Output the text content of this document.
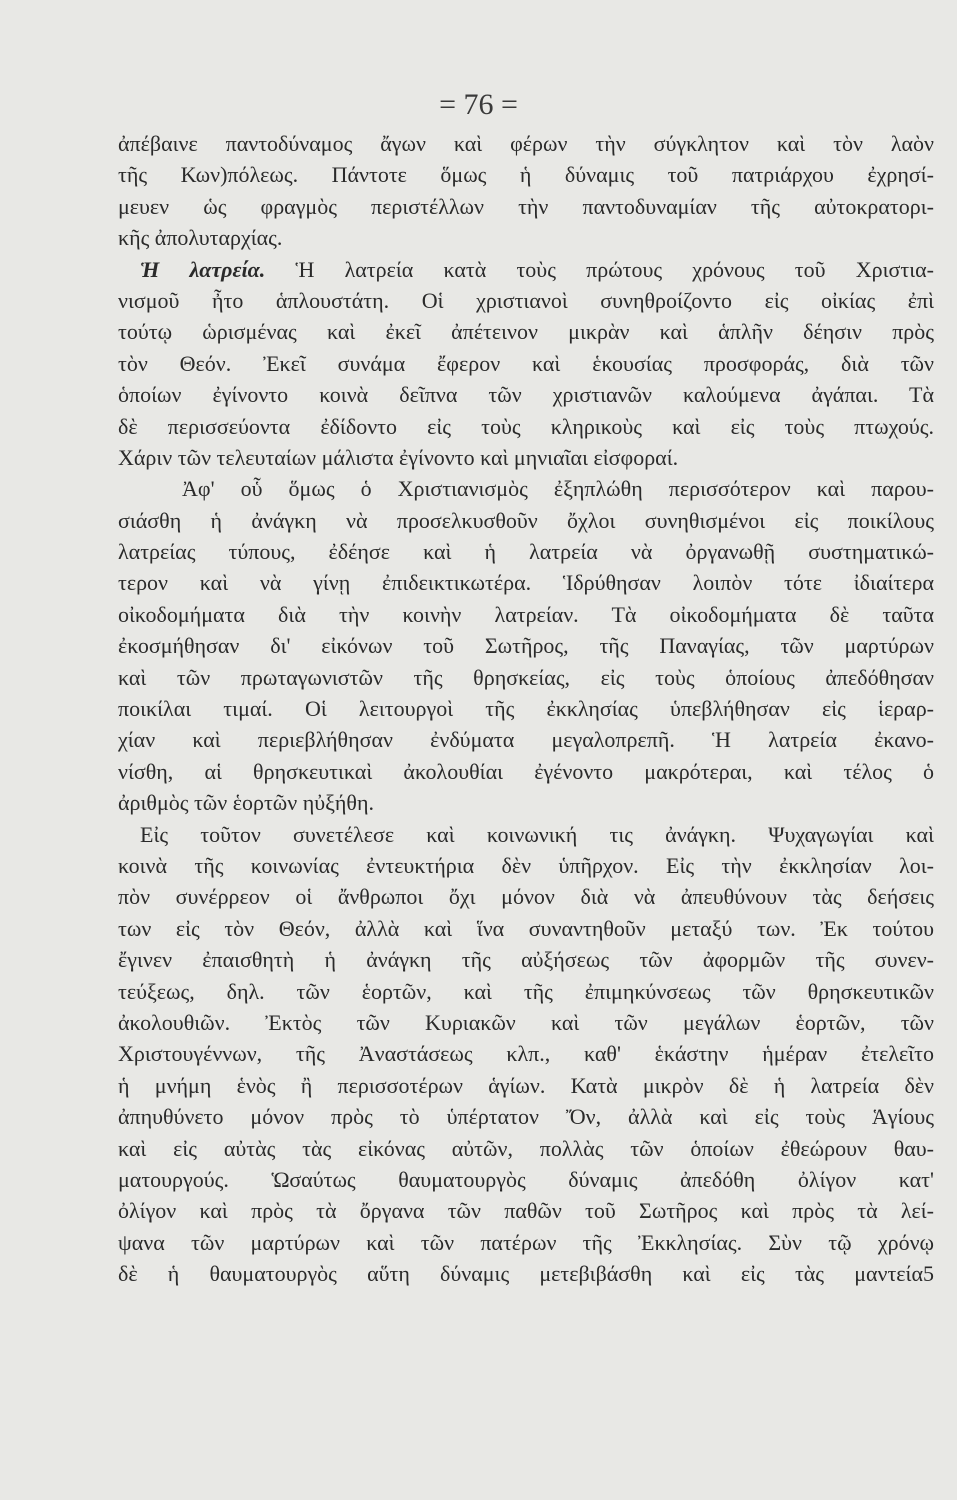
= 76 =
ἀπέβαινε παντοδύναμος ἄγων καὶ φέρων τὴν σύγκλητον καὶ τὸν λαὸν
τῆς Κων)πόλεως. Πάντοτε ὅμως ἡ δύναμις τοῦ πατριάρχου ἐχρησί-
μευεν ὡς φραγμὸς περιστέλλων τὴν παντοδυναμίαν τῆς αὐτοκρατορι-
κῆς ἀπολυταρχίας.
Ἡ λατρεία. Ἡ λατρεία κατὰ τοὺς πρώτους χρόνους τοῦ Χριστια-
νισμοῦ ἦτο ἁπλουστάτη. Οἱ χριστιανοὶ συνηθροίζοντο εἰς οἰκίας ἐπὶ
τούτῳ ὡρισμένας καὶ ἐκεῖ ἀπέτεινον μικρὰν καὶ ἁπλῆν δέησιν πρὸς
τὸν Θεόν. Ἐκεῖ συνάμα ἔφερον καὶ ἑκουσίας προσφοράς, διὰ τῶν
ὁποίων ἐγίνοντο κοινὰ δεῖπνα τῶν χριστιανῶν καλούμενα ἀγάπαι. Τὰ
δὲ περισσεύοντα ἐδίδοντο εἰς τοὺς κληρικοὺς καὶ εἰς τοὺς πτωχούς.
Χάριν τῶν τελευταίων μάλιστα ἐγίνοντο καὶ μηνιαῖαι εἰσφοραί.
Ἀφ' οὗ ὅμως ὁ Χριστιανισμὸς ἐξηπλώθη περισσότερον καὶ παρου-
σιάσθη ἡ ἀνάγκη νὰ προσελκυσθοῦν ὄχλοι συνηθισμένοι εἰς ποικίλους
λατρείας τύπους, ἐδέησε καὶ ἡ λατρεία νὰ ὀργανωθῇ συστηματικώ-
τερον καὶ νὰ γίνῃ ἐπιδεικτικωτέρα. Ἱδρύθησαν λοιπὸν τότε ἰδιαίτερα
οἰκοδομήματα διὰ τὴν κοινὴν λατρείαν. Τὰ οἰκοδομήματα δὲ ταῦτα
ἐκοσμήθησαν δι' εἰκόνων τοῦ Σωτῆρος, τῆς Παναγίας, τῶν μαρτύρων
καὶ τῶν πρωταγωνιστῶν τῆς θρησκείας, εἰς τοὺς ὁποίους ἀπεδόθησαν
ποικίλαι τιμαί. Οἱ λειτουργοὶ τῆς ἐκκλησίας ὑπεβλήθησαν εἰς ἱεραρ-
χίαν καὶ περιεβλήθησαν ἐνδύματα μεγαλοπρεπῆ. Ἡ λατρεία ἐκανο-
νίσθη, αἱ θρησκευτικαὶ ἀκολουθίαι ἐγένοντο μακρότεραι, καὶ τέλος ὁ
ἀριθμὸς τῶν ἑορτῶν ηὐξήθη.
Εἰς τοῦτον συνετέλεσε καὶ κοινωνική τις ἀνάγκη. Ψυχαγωγίαι καὶ
κοινὰ τῆς κοινωνίας ἐντευκτήρια δὲν ὑπῆρχον. Εἰς τὴν ἐκκλησίαν λοι-
πὸν συνέρρεον οἱ ἄνθρωποι ὄχι μόνον διὰ νὰ ἀπευθύνουν τὰς δεήσεις
των εἰς τὸν Θεόν, ἀλλὰ καὶ ἵνα συναντηθοῦν μεταξύ των. Ἐκ τούτου
ἔγινεν ἐπαισθητὴ ἡ ἀνάγκη τῆς αὐξήσεως τῶν ἀφορμῶν τῆς συνεν-
τεύξεως, δηλ. τῶν ἑορτῶν, καὶ τῆς ἐπιμηκύνσεως τῶν θρησκευτικῶν
ἀκολουθιῶν. Ἐκτὸς τῶν Κυριακῶν καὶ τῶν μεγάλων ἑορτῶν, τῶν
Χριστουγέννων, τῆς Ἀναστάσεως κλπ., καθ' ἑκάστην ἡμέραν ἐτελεῖτο
ἡ μνήμη ἑνὸς ἢ περισσοτέρων ἁγίων. Κατὰ μικρὸν δὲ ἡ λατρεία δὲν
ἀπηυθύνετο μόνον πρὸς τὸ ὑπέρτατον Ὄν, ἀλλὰ καὶ εἰς τοὺς Ἁγίους
καὶ εἰς αὐτὰς τὰς εἰκόνας αὐτῶν, πολλὰς τῶν ὁποίων ἐθεώρουν θαυ-
ματουργούς. Ὡσαύτως θαυματουργὸς δύναμις ἀπεδόθη ὀλίγον κατ'
ὀλίγον καὶ πρὸς τὰ ὄργανα τῶν παθῶν τοῦ Σωτῆρος καὶ πρὸς τὰ λεί-
ψανα τῶν μαρτύρων καὶ τῶν πατέρων τῆς Ἐκκλησίας. Σὺν τῷ χρόνῳ
δὲ ἡ θαυματουργὸς αὕτη δύναμις μετεβιβάσθη καὶ εἰς τὰς μαντεία5
